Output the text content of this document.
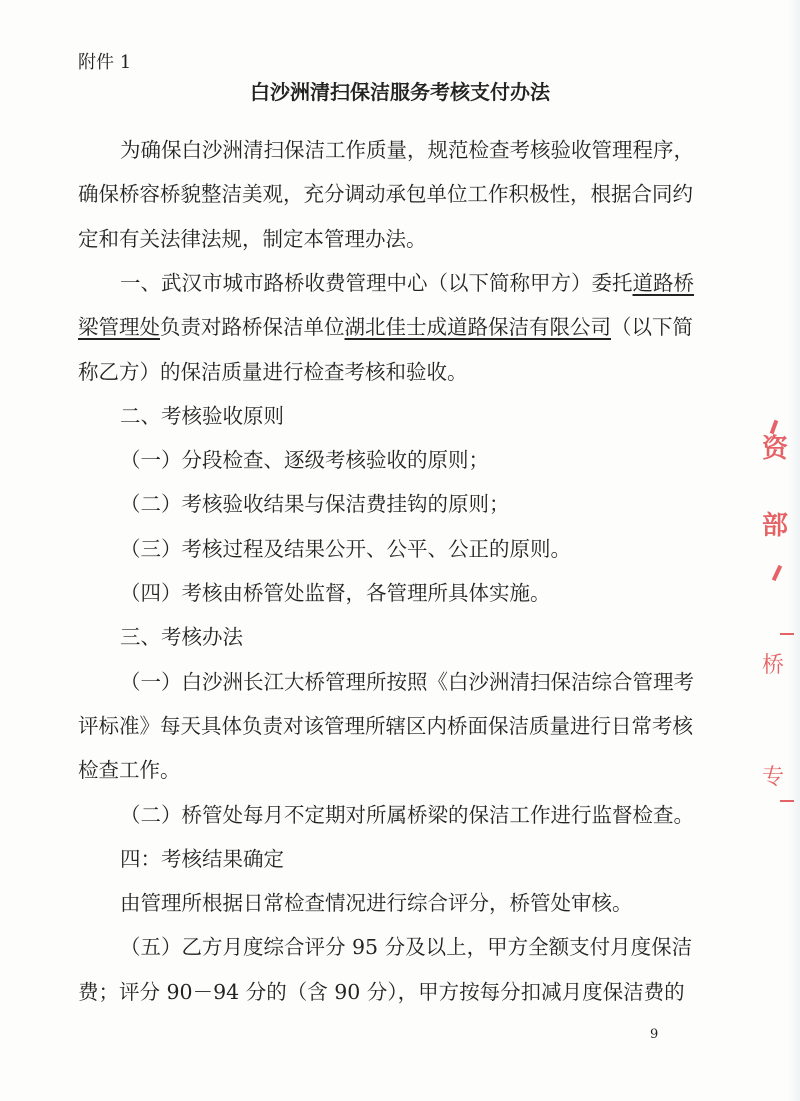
附件 1
白沙洲清扫保洁服务考核支付办法
为确保白沙洲清扫保洁工作质量，规范检查考核验收管理程序，
确保桥容桥貌整洁美观，充分调动承包单位工作积极性，根据合同约
定和有关法律法规，制定本管理办法。
一、武汉市城市路桥收费管理中心（以下简称甲方）委托道路桥
梁管理处负责对路桥保洁单位湖北佳士成道路保洁有限公司（以下简
称乙方）的保洁质量进行检查考核和验收。
二、考核验收原则
（一）分段检查、逐级考核验收的原则；
（二）考核验收结果与保洁费挂钩的原则；
（三）考核过程及结果公开、公平、公正的原则。
（四）考核由桥管处监督，各管理所具体实施。
三、考核办法
（一）白沙洲长江大桥管理所按照《白沙洲清扫保洁综合管理考
评标准》每天具体负责对该管理所辖区内桥面保洁质量进行日常考核
检查工作。
（二）桥管处每月不定期对所属桥梁的保洁工作进行监督检查。
四：考核结果确定
由管理所根据日常检查情况进行综合评分，桥管处审核。
（五）乙方月度综合评分 95 分及以上，甲方全额支付月度保洁
费；评分 90－94 分的（含 90 分），甲方按每分扣减月度保洁费的
9
资
部
桥
专
